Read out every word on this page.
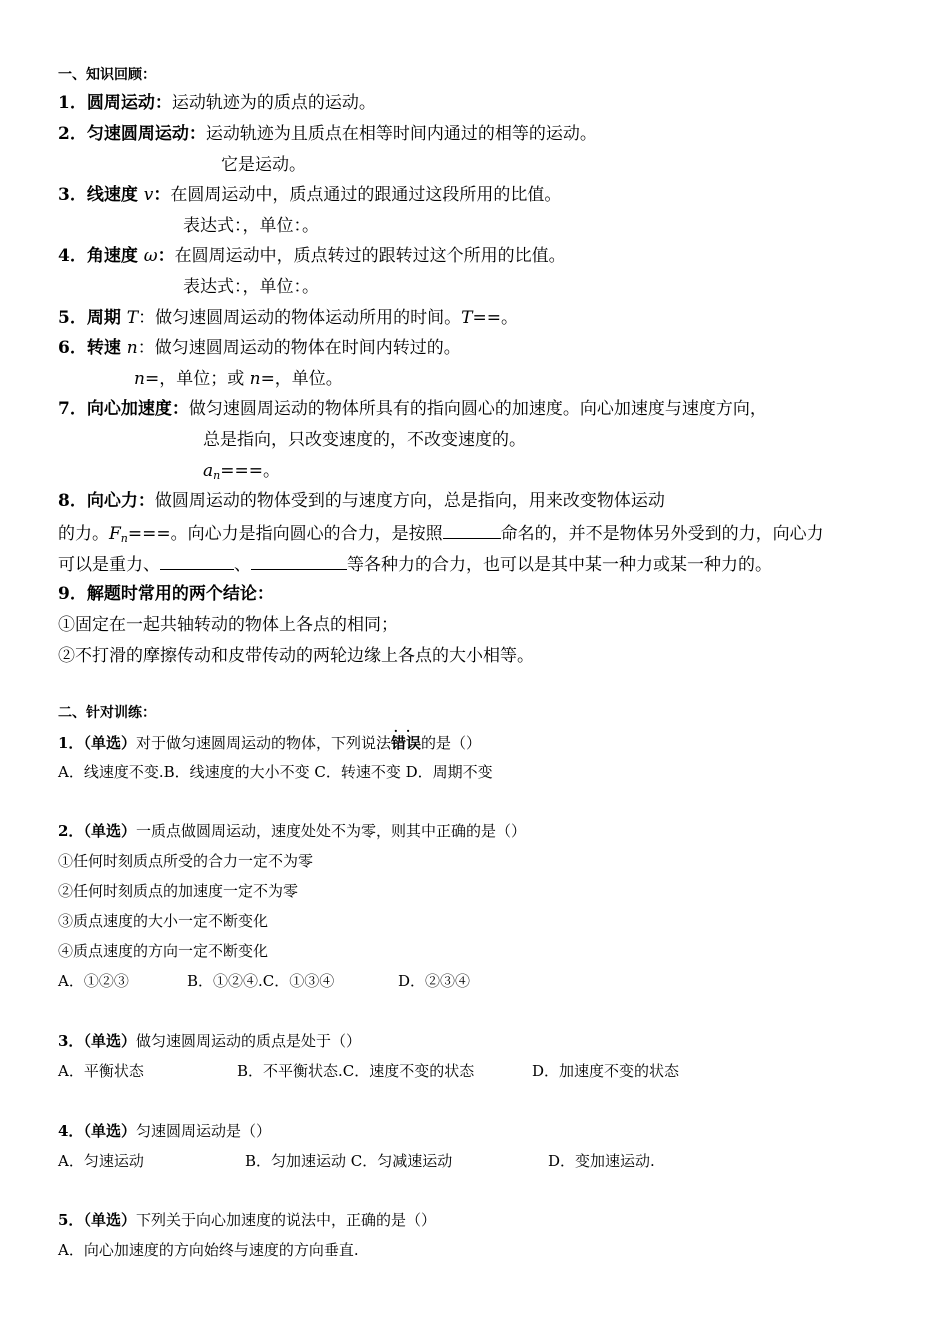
一、知识回顾：
1．圆周运动：运动轨迹为的质点的运动。
2．匀速圆周运动：运动轨迹为且质点在相等时间内通过的相等的运动。
它是运动。
3．线速度 v：在圆周运动中，质点通过的跟通过这段所用的比值。
表达式：，单位：。
4．角速度 ω：在圆周运动中，质点转过的跟转过这个所用的比值。
表达式：，单位：。
5．周期 T：做匀速圆周运动的物体运动所用的时间。T==。
6．转速 n：做匀速圆周运动的物体在时间内转过的。
n=，单位；或 n=，单位。
7．向心加速度：做匀速圆周运动的物体所具有的指向圆心的加速度。向心加速度与速度方向，
总是指向，只改变速度的，不改变速度的。
$a_n===$。
8．向心力：做圆周运动的物体受到的与速度方向，总是指向，用来改变物体运动
的力。$F_n===$。向心力是指向圆心的合力，是按照	命名的，并不是物体另外受到的力，向心力
可以是重力、	、	等各种力的合力，也可以是其中某一种力或某一种力的。
9．解题时常用的两个结论：
①固定在一起共轴转动的物体上各点的相同；
②不打滑的摩擦传动和皮带传动的两轮边缘上各点的大小相等。
二、针对训练：
1．（单选）对于做匀速圆周运动的物体，下列说法
··
错误的是（）
A．线速度不变.B．线速度的大小不变 C．转速不变 D．周期不变
2．（单选）一质点做圆周运动，速度处处不为零，则其中正确的是（）
①任何时刻质点所受的合力一定不为零
②任何时刻质点的加速度一定不为零
③质点速度的大小一定不断变化
④质点速度的方向一定不断变化
A．①②③	B．①②④.C．①③④	D．②③④
3．（单选）做匀速圆周运动的质点是处于（）
A．平衡状态	B．不平衡状态.C．速度不变的状态	D．加速度不变的状态
4．（单选）匀速圆周运动是（）
A．匀速运动	B．匀加速运动 C．匀减速运动	D．变加速运动.
5．（单选）下列关于向心加速度的说法中，正确的是（）
A．向心加速度的方向始终与速度的方向垂直.
